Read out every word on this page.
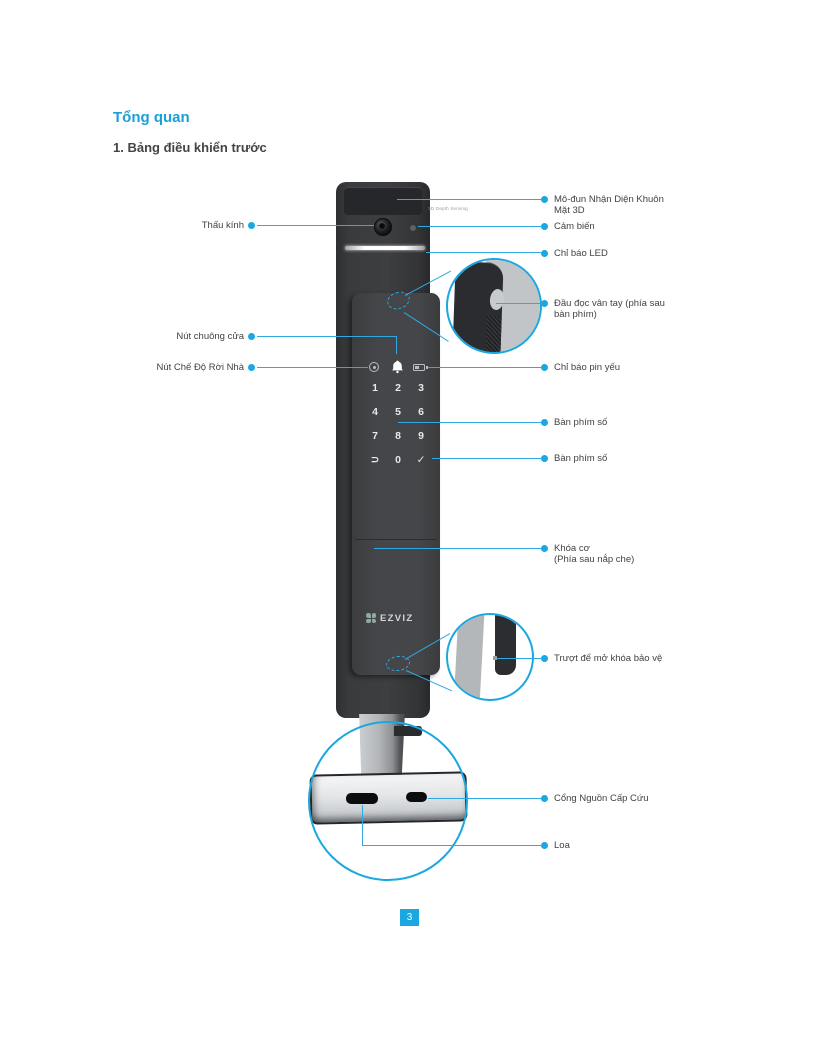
Tổng quan
1. Bảng điều khiển trước
3D Depth Sensing
1	2	3
4	5	6
7	8	9
⊃	0	✓
EZVIZ
Thấu kính
Nút chuông cửa
Nút Chế Độ Rời Nhà
Mô-đun Nhận Diện Khuôn
Mặt 3D
Cảm biến
Chỉ báo LED
Đầu đọc vân tay (phía sau
bàn phím)
Chỉ báo pin yếu
Bàn phím số
Bàn phím số
Khóa cơ
(Phía sau nắp che)
Trượt để mở khóa bảo vệ
Cổng Nguồn Cấp Cứu
Loa
3
